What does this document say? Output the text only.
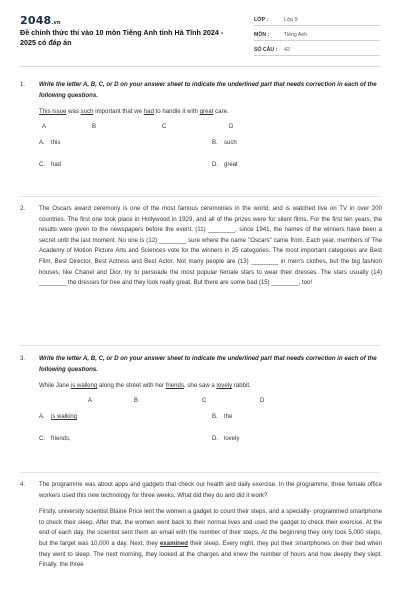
2048.vn
Đề chính thức thi vào 10 môn Tiếng Anh tỉnh Hà Tĩnh 2024 - 2025 có đáp án
LỚP :	Lớp 9
MÔN :	Tiếng Anh
SỐ CÂU : 42
1.	Write the letter A, B, C, or D on your answer sheet to indicate the underlined part that needs correction in each of the following questions.
This issue was such important that we had to handle it with great care.
A	B	C	D
A. this	B. such
C. had	D. great
2.	The Oscars award ceremony is one of the most famous ceremonies in the world, and is watched live on TV in over 200 countries. The first one took place in Hollywood in 1929, and all of the prizes were for silent films. For the first ten years, the results were given to the newspapers before the event. (11) ________, since 1941, the names of the winners have been a secret until the last moment. No one is (12) ________ sure where the name "Oscars" came from. Each year, members of The Academy of Motion Picture Arts and Sciences vote for the winners in 25 categories. The most important categories are Best Film, Best Director, Best Actress and Best Actor. Not many people are (13) ________ in men's clothes, but the big fashion houses, like Chanel and Dior, try to persuade the most popular female stars to wear their dresses. The stars usually (14) ________ the dresses for free and they look really great. But there are some bad (15) ________, too!
3.	Write the letter A, B, C, or D on your answer sheet to indicate the underlined part that needs correction in each of the following questions.
While Jane is walking along the street with her friends, she saw a lovely rabbit.
A	B	C	D
A. is walking	B. the
C. friends,	D. lovely
4.	The programme was about apps and gadgets that check our health and daily exercise. In the programme, three female office workers used this new technology for three weeks. What did they do and did it work?

Firstly, university scientist Blaine Price lent the women a gadget to count their steps, and a specially- programmed smartphone to check their sleep. After that, the women went back to their normal lives and used the gadget to check their exercise. At the end of each day, the scientist sent them an email with the number of their steps. At the beginning they only took 5,000 steps, but the target was 10,000 a day. Next, they examined their sleep. Every night, they put their smartphones on their bed when they went to sleep. The next morning, they looked at the charges and knew the number of hours and how deeply they slept. Finally, the three
